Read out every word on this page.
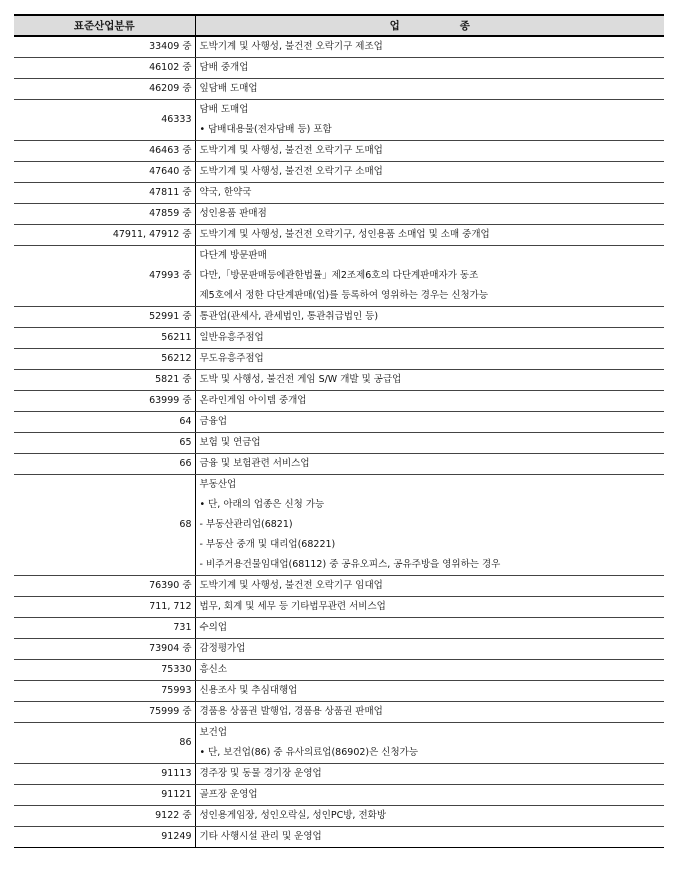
표준산업분류	업종
33409 중	도박기계 및 사행성, 불건전 오락기구 제조업

46102 중	담배 중개업

46209 중	잎담배 도매업

46333	담배 도매업
• 담배대용물(전자담배 등) 포함

46463 중	도박기계 및 사행성, 불건전 오락기구 도매업

47640 중	도박기계 및 사행성, 불건전 오락기구 소매업

47811 중	약국, 한약국

47859 중	성인용품 판매점

47911, 47912 중	도박기계 및 사행성, 불건전 오락기구, 성인용품 소매업 및 소매 중개업

47993 중	다단계 방문판매
다만,「방문판매등에관한법률」제2조제6호의 다단계판매자가 동조
제5호에서 정한 다단계판매(업)를 등록하여 영위하는 경우는 신청가능

52991 중	통관업(관세사, 관세법인, 통관취급법인 등)

56211	일반유흥주점업

56212	무도유흥주점업

5821 중	도박 및 사행성, 불건전 게임 S/W 개발 및 공급업

63999 중	온라인게임 아이템 중개업

64	금융업

65	보험 및 연금업

66	금융 및 보험관련 서비스업

68	부동산업
• 단, 아래의 업종은 신청 가능
- 부동산관리업(6821)
- 부동산 중개 및 대리업(68221)
- 비주거용건물임대업(68112) 중 공유오피스, 공유주방을 영위하는 경우

76390 중	도박기계 및 사행성, 불건전 오락기구 임대업

711, 712	법무, 회계 및 세무 등 기타법무관련 서비스업

731	수의업

73904 중	감정평가업

75330	흥신소

75993	신용조사 및 추심대행업

75999 중	경품용 상품권 발행업, 경품용 상품권 판매업

86	보건업
• 단, 보건업(86) 중 유사의료업(86902)은 신청가능

91113	경주장 및 동물 경기장 운영업

91121	골프장 운영업

9122 중	성인용게임장, 성인오락실, 성인PC방, 전화방

91249	기타 사행시설 관리 및 운영업
